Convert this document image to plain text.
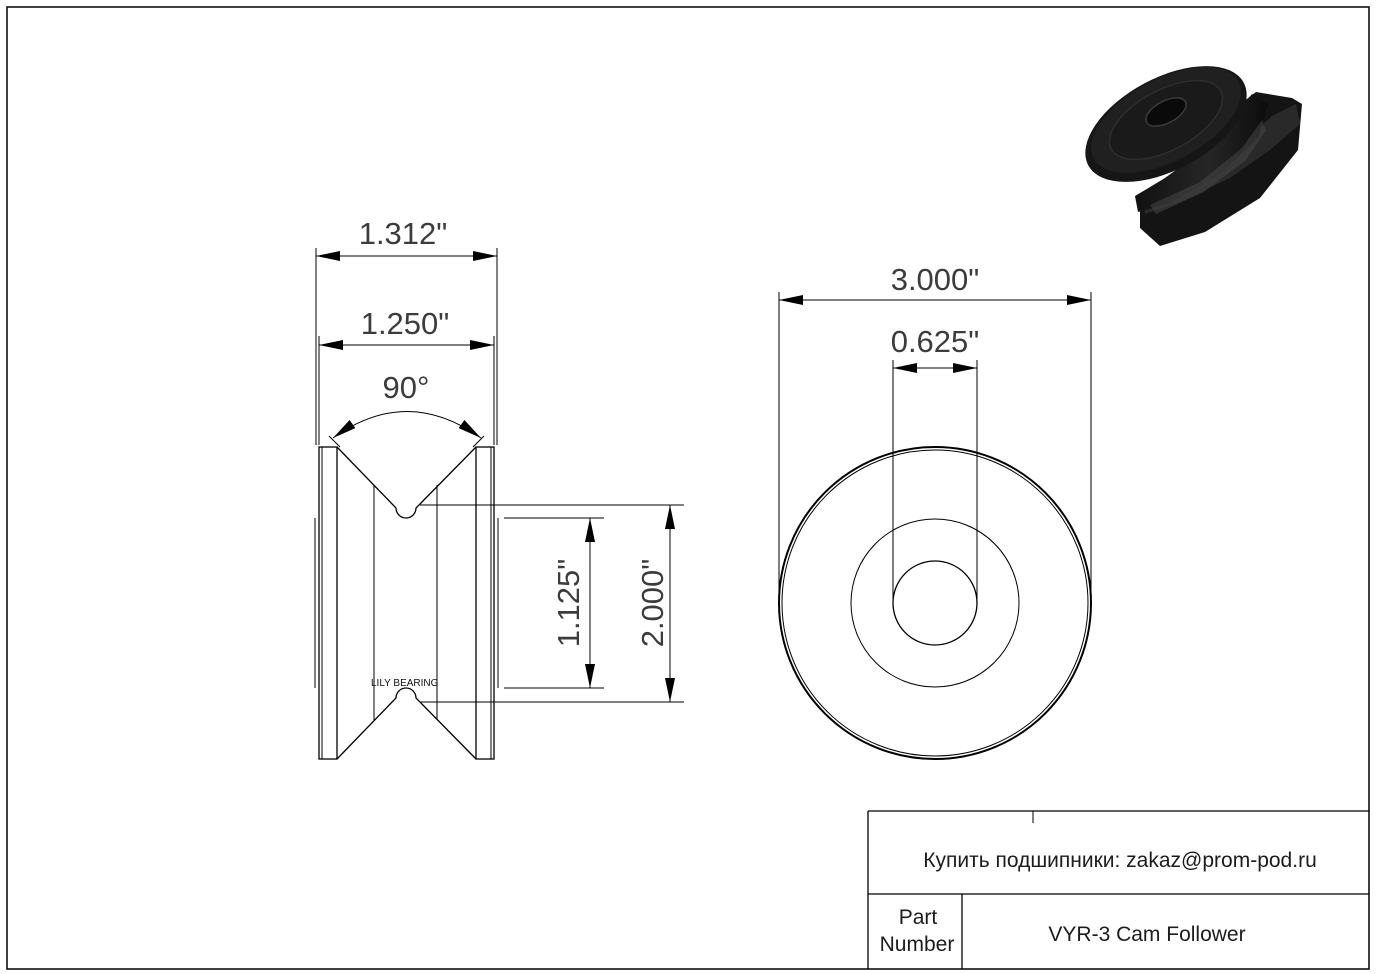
LILY BEARING
1.312"
1.250"
90°
1.125" 2.000"
3.000"
0.625"
Купить подшипники: zakaz@prom-pod.ru
Part
Number	VYR-3 Cam Follower
